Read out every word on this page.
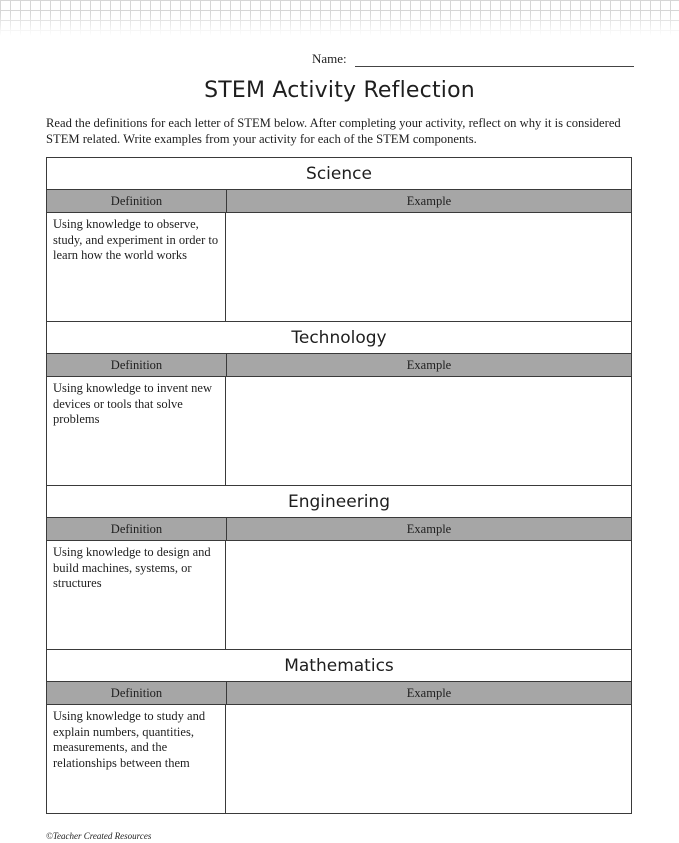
Name:
STEM Activity Reflection
Read the definitions for each letter of STEM below. After completing your activity, reflect on why it is considered STEM related. Write examples from your activity for each of the STEM components.
Science
Definition	Example
Using knowledge to observe, study, and experiment in order to learn how the world works
Technology
Definition	Example
Using knowledge to invent new devices or tools that solve problems
Engineering
Definition	Example
Using knowledge to design and build machines, systems, or structures
Mathematics
Definition	Example
Using knowledge to study and explain numbers, quantities, measurements, and the relationships between them
©Teacher Created Resources
